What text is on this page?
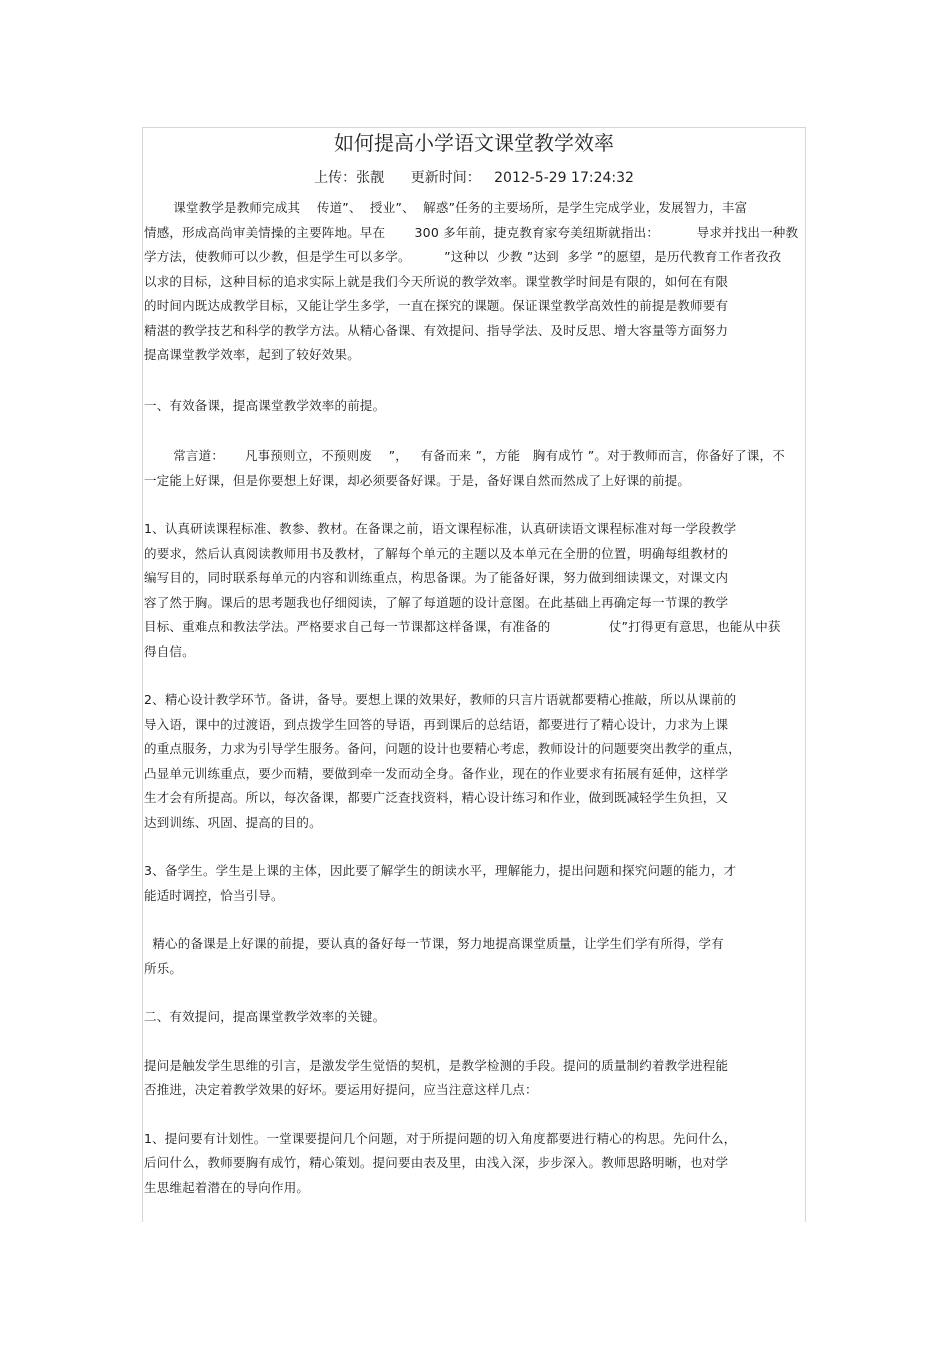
如何提高小学语文课堂教学效率
上传：张靓      更新时间：   2012-5-29 17:24:32

课堂教学是教师完成其    传道”、  授业”、  解惑”任务的主要场所，是学生完成学业，发展智力，丰富
情感，形成高尚审美情操的主要阵地。早在       300 多年前，捷克教育家夸美纽斯就指出：         导求并找出一种教
学方法，使教师可以少教，但是学生可以多学。        ”这种以  少教 ”达到  多学 ”的愿望，是历代教育工作者孜孜
以求的目标，这种目标的追求实际上就是我们今天所说的教学效率。课堂教学时间是有限的，如何在有限
的时间内既达成教学目标，又能让学生多学，一直在探究的课题。保证课堂教学高效性的前提是教师要有
精湛的教学技艺和科学的教学方法。从精心备课、有效提问、指导学法、及时反思、增大容量等方面努力
提高课堂教学效率，起到了较好效果。

一、有效备课，提高课堂教学效率的前提。

常言道：     凡事预则立，不预则废    ”，   有备而来 ”，方能   胸有成竹 ”。对于教师而言，你备好了课，不
一定能上好课，但是你要想上好课，却必须要备好课。于是，备好课自然而然成了上好课的前提。

1、认真研读课程标准、教参、教材。在备课之前，语文课程标准，认真研读语文课程标准对每一学段教学
的要求，然后认真阅读教师用书及教材，了解每个单元的主题以及本单元在全册的位置，明确每组教材的
编写目的，同时联系每单元的内容和训练重点，构思备课。为了能备好课，努力做到细读课文，对课文内
容了然于胸。课后的思考题我也仔细阅读，了解了每道题的设计意图。在此基础上再确定每一节课的教学
目标、重难点和教法学法。严格要求自己每一节课都这样备课，有准备的              仗”打得更有意思，也能从中获
得自信。

2、精心设计教学环节。备讲，备导。要想上课的效果好，教师的只言片语就都要精心推敲，所以从课前的
导入语，课中的过渡语，到点拨学生回答的导语，再到课后的总结语，都要进行了精心设计，力求为上课
的重点服务，力求为引导学生服务。备问，问题的设计也要精心考虑，教师设计的问题要突出教学的重点，
凸显单元训练重点，要少而精，要做到牵一发而动全身。备作业，现在的作业要求有拓展有延伸，这样学
生才会有所提高。所以，每次备课，都要广泛查找资料，精心设计练习和作业，做到既减轻学生负担，又
达到训练、巩固、提高的目的。

3、备学生。学生是上课的主体，因此要了解学生的朗读水平，理解能力，提出问题和探究问题的能力，才
能适时调控，恰当引导。

精心的备课是上好课的前提，要认真的备好每一节课，努力地提高课堂质量，让学生们学有所得，学有
所乐。

二、有效提问，提高课堂教学效率的关键。

提问是触发学生思维的引言，是激发学生觉悟的契机，是教学检测的手段。提问的质量制约着教学进程能
否推进，决定着教学效果的好坏。要运用好提问，应当注意这样几点：

1、提问要有计划性。一堂课要提问几个问题，对于所提问题的切入角度都要进行精心的构思。先问什么，
后问什么，教师要胸有成竹，精心策划。提问要由表及里，由浅入深，步步深入。教师思路明晰，也对学
生思维起着潜在的导向作用。
